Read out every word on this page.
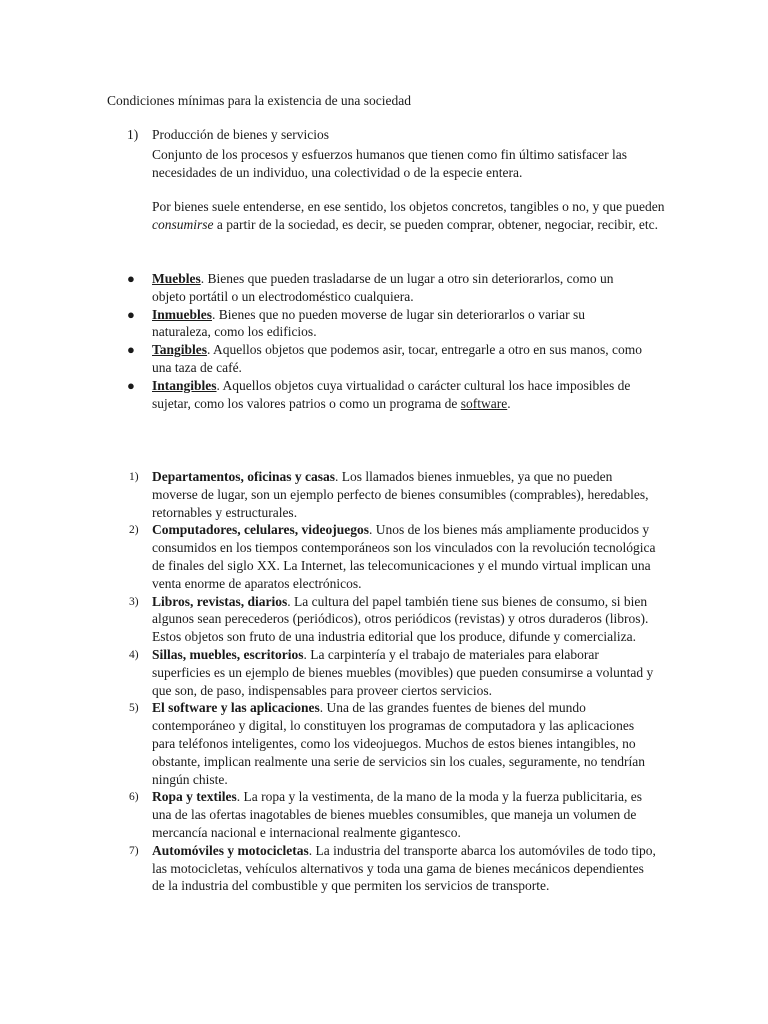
Condiciones mínimas para la existencia de una sociedad
1) Producción de bienes y servicios
Conjunto de los procesos y esfuerzos humanos que tienen como fin último satisfacer las necesidades de un individuo, una colectividad o de la especie entera.
Por bienes suele entenderse, en ese sentido, los objetos concretos, tangibles o no, y que pueden consumirse a partir de la sociedad, es decir, se pueden comprar, obtener, negociar, recibir, etc.
● Muebles. Bienes que pueden trasladarse de un lugar a otro sin deteriorarlos, como un objeto portátil o un electrodoméstico cualquiera.
● Inmuebles. Bienes que no pueden moverse de lugar sin deteriorarlos o variar su naturaleza, como los edificios.
● Tangibles. Aquellos objetos que podemos asir, tocar, entregarle a otro en sus manos, como una taza de café.
● Intangibles. Aquellos objetos cuya virtualidad o carácter cultural los hace imposibles de sujetar, como los valores patrios o como un programa de software.
1) Departamentos, oficinas y casas. Los llamados bienes inmuebles, ya que no pueden moverse de lugar, son un ejemplo perfecto de bienes consumibles (comprables), heredables, retornables y estructurales.
2) Computadores, celulares, videojuegos. Unos de los bienes más ampliamente producidos y consumidos en los tiempos contemporáneos son los vinculados con la revolución tecnológica de finales del siglo XX. La Internet, las telecomunicaciones y el mundo virtual implican una venta enorme de aparatos electrónicos.
3) Libros, revistas, diarios. La cultura del papel también tiene sus bienes de consumo, si bien algunos sean perecederos (periódicos), otros periódicos (revistas) y otros duraderos (libros). Estos objetos son fruto de una industria editorial que los produce, difunde y comercializa.
4) Sillas, muebles, escritorios. La carpintería y el trabajo de materiales para elaborar superficies es un ejemplo de bienes muebles (movibles) que pueden consumirse a voluntad y que son, de paso, indispensables para proveer ciertos servicios.
5) El software y las aplicaciones. Una de las grandes fuentes de bienes del mundo contemporáneo y digital, lo constituyen los programas de computadora y las aplicaciones para teléfonos inteligentes, como los videojuegos. Muchos de estos bienes intangibles, no obstante, implican realmente una serie de servicios sin los cuales, seguramente, no tendrían ningún chiste.
6) Ropa y textiles. La ropa y la vestimenta, de la mano de la moda y la fuerza publicitaria, es una de las ofertas inagotables de bienes muebles consumibles, que maneja un volumen de mercancía nacional e internacional realmente gigantesco.
7) Automóviles y motocicletas. La industria del transporte abarca los automóviles de todo tipo, las motocicletas, vehículos alternativos y toda una gama de bienes mecánicos dependientes de la industria del combustible y que permiten los servicios de transporte.
